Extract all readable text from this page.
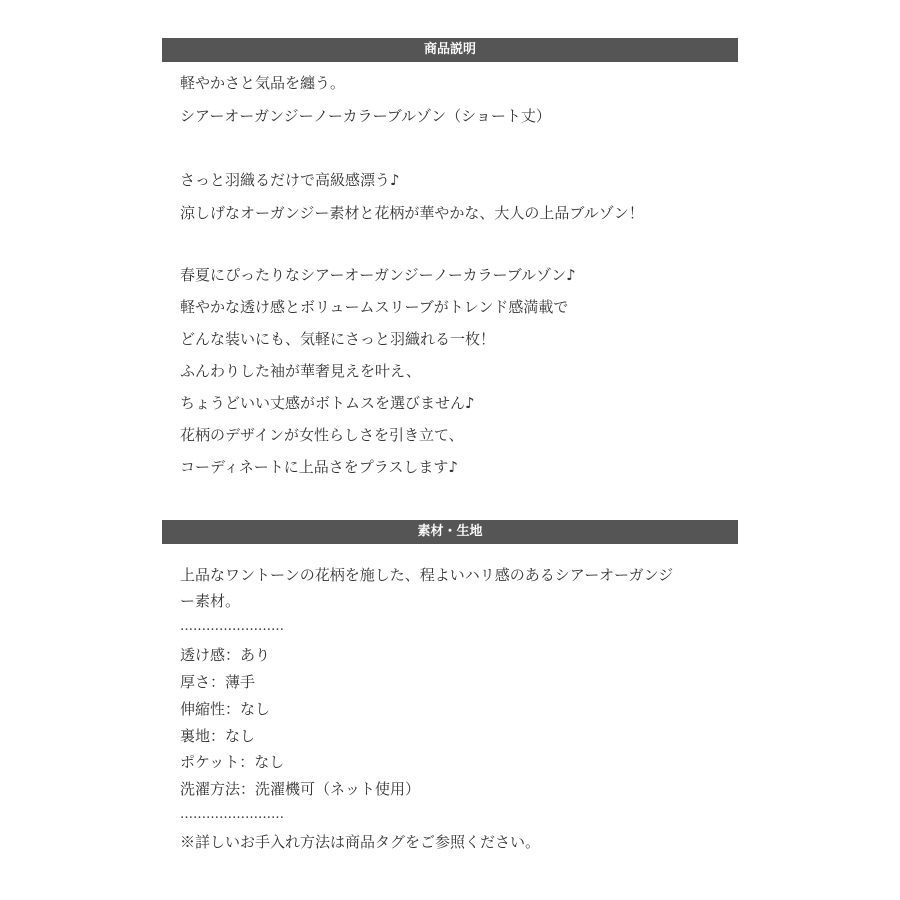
商品説明
軽やかさと気品を纏う。
シアーオーガンジーノーカラーブルゾン（ショート丈）
さっと羽織るだけで高級感漂う♪
涼しげなオーガンジー素材と花柄が華やかな、大人の上品ブルゾン！
春夏にぴったりなシアーオーガンジーノーカラーブルゾン♪
軽やかな透け感とボリュームスリーブがトレンド感満載で
どんな装いにも、気軽にさっと羽織れる一枚！
ふんわりした袖が華奢見えを叶え、
ちょうどいい丈感がボトムスを選びません♪
花柄のデザインが女性らしさを引き立て、
コーディネートに上品さをプラスします♪
素材・生地
上品なワントーンの花柄を施した、程よいハリ感のあるシアーオーガンジ
ー素材。
……………………
透け感：あり
厚さ：薄手
伸縮性：なし
裏地：なし
ポケット：なし
洗濯方法：洗濯機可（ネット使用）
……………………
※詳しいお手入れ方法は商品タグをご参照ください。
